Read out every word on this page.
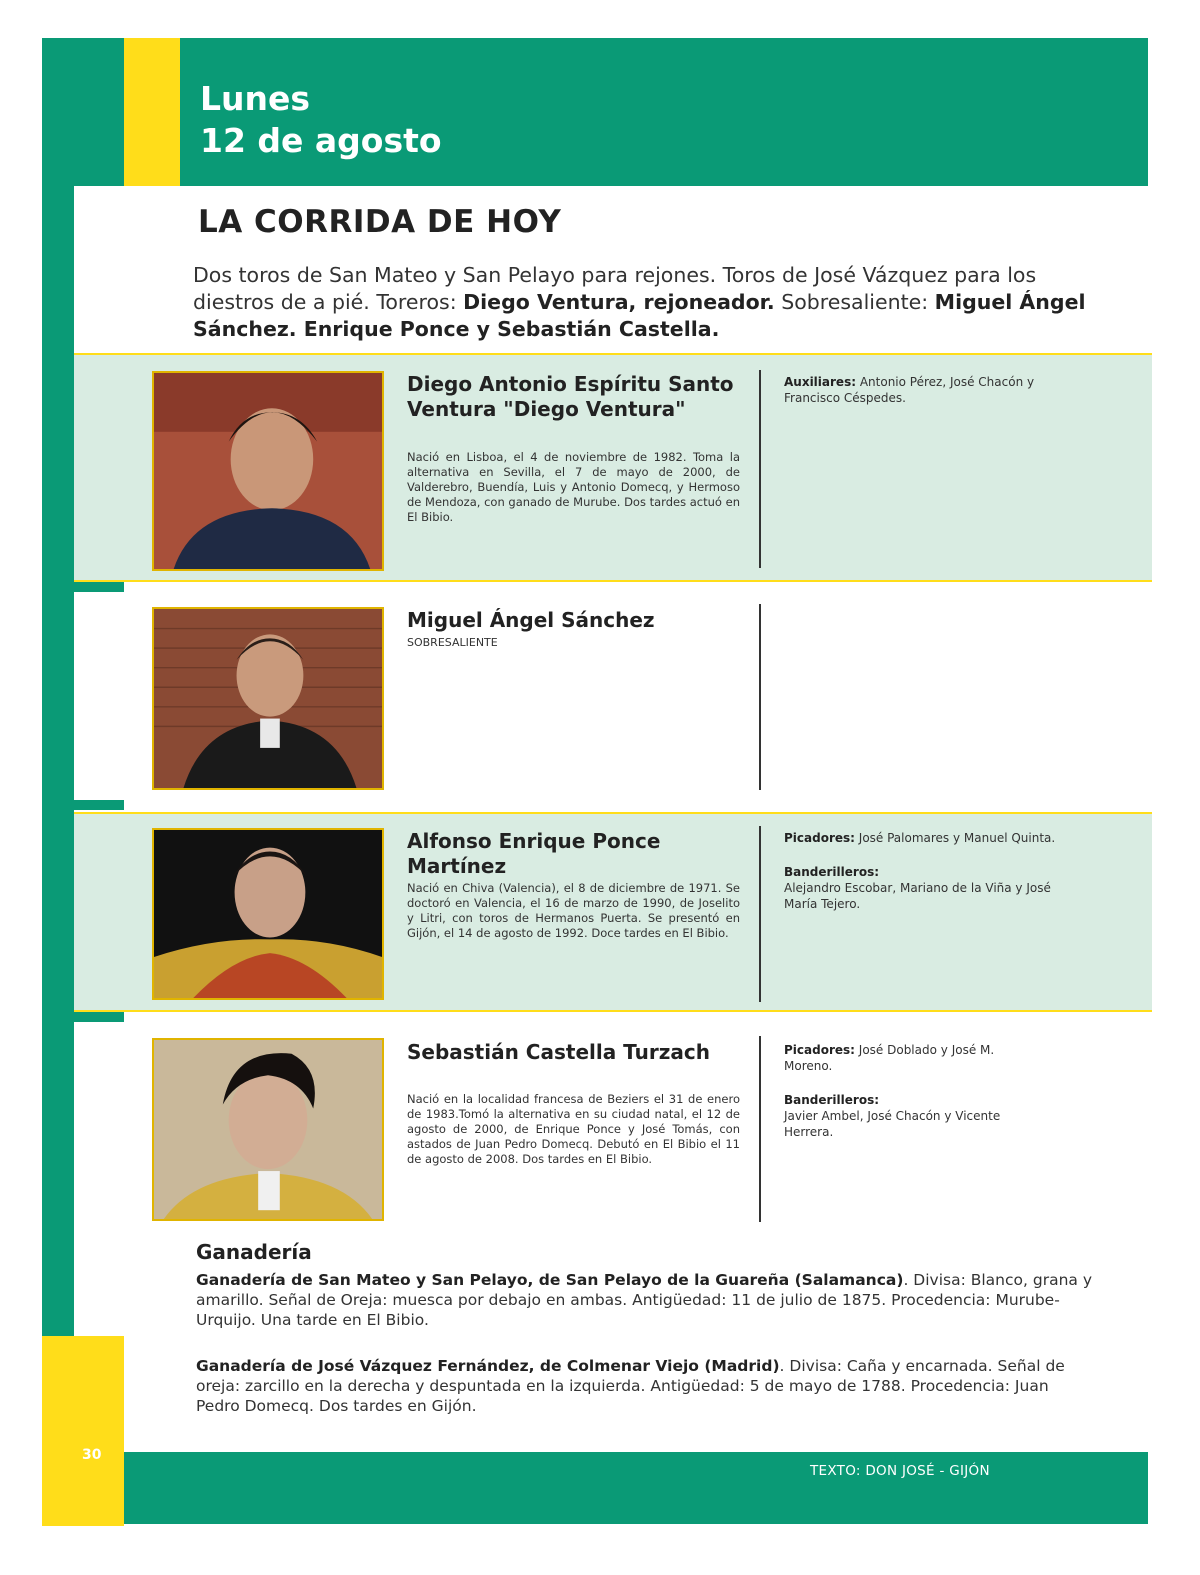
Lunes
12 de agosto
LA CORRIDA DE HOY
Dos toros de San Mateo y San Pelayo para rejones. Toros de José Vázquez para los diestros de a pié. Toreros: Diego Ventura, rejoneador. Sobresaliente: Miguel Ángel Sánchez. Enrique Ponce y Sebastián Castella.
Diego Antonio Espíritu Santo Ventura "Diego Ventura"
Nació en Lisboa, el 4 de noviembre de 1982. Toma la alternativa en Sevilla, el 7 de mayo de 2000, de Valderebro, Buendía, Luis y Antonio Domecq, y Hermoso de Mendoza, con ganado de Murube. Dos tardes actuó en El Bibio.
Auxiliares: Antonio Pérez, José Chacón y Francisco Céspedes.
Miguel Ángel Sánchez
SOBRESALIENTE
Alfonso Enrique Ponce Martínez
Nació en Chiva (Valencia), el 8 de diciembre de 1971. Se doctoró en Valencia, el 16 de marzo de 1990, de Joselito y Litri, con toros de Hermanos Puerta. Se presentó en Gijón, el 14 de agosto de 1992. Doce tardes en El Bibio.
Picadores: José Palomares y Manuel Quinta.
Banderilleros:
Alejandro Escobar, Mariano de la Viña y José María Tejero.
Sebastián Castella Turzach
Nació en la localidad francesa de Beziers el 31 de enero de 1983.Tomó la alternativa en su ciudad natal, el 12 de agosto de 2000, de Enrique Ponce y José Tomás, con astados de Juan Pedro Domecq. Debutó en El Bibio el 11 de agosto de 2008. Dos tardes en El Bibio.
Picadores: José Doblado y José M. Moreno.
Banderilleros:
Javier Ambel, José Chacón y Vicente Herrera.
Ganadería
Ganadería de San Mateo y San Pelayo, de San Pelayo de la Guareña (Salamanca). Divisa: Blanco, grana y amarillo. Señal de Oreja: muesca por debajo en ambas. Antigüedad: 11 de julio de 1875. Procedencia: Murube- Urquijo. Una tarde en El Bibio.
Ganadería de José Vázquez Fernández, de Colmenar Viejo (Madrid). Divisa: Caña y encarnada. Señal de oreja: zarcillo en la derecha y despuntada en la izquierda. Antigüedad: 5 de mayo de 1788. Procedencia: Juan Pedro Domecq. Dos tardes en Gijón.
30
TEXTO: DON JOSÉ - GIJÓN
